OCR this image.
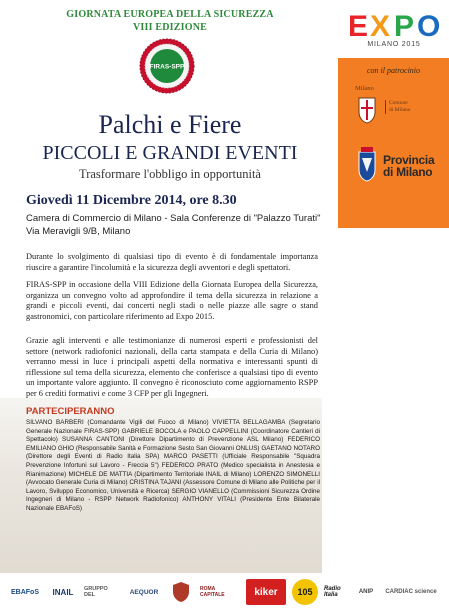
GIORNATA EUROPEA DELLA SICUREZZA
VIII EDIZIONE
FIRAS-SPP
Palchi e Fiere
PICCOLI E GRANDI EVENTI
Trasformare l'obbligo in opportunità
Giovedì 11 Dicembre 2014, ore 8.30
Camera di Commercio di Milano - Sala Conferenze di "Palazzo Turati"
Via Meravigli 9/B, Milano
Durante lo svolgimento di qualsiasi tipo di evento è di fondamentale importanza riuscire a garantire l'incolumità e la sicurezza degli avventori e degli spettatori.
FIRAS-SPP in occasione della VIII Edizione della Giornata Europea della Sicurezza, organizza un convegno volto ad approfondire il tema della sicurezza in relazione a grandi e piccoli eventi, dai concerti negli stadi o nelle piazze alle sagre o stand gastronomici, con particolare riferimento ad Expo 2015.
Grazie agli interventi e alle testimonianze di numerosi esperti e professionisti del settore (network radiofonici nazionali, della carta stampata e della Curia di Milano) verranno messi in luce i principali aspetti della normativa e interessanti spunti di riflessione sul tema della sicurezza, elemento che conferisce a qualsiasi tipo di evento un importante valore aggiunto. Il convegno è riconosciuto come aggiornamento RSPP per 6 crediti formativi e come 3 CFP per gli Ingegneri.
PARTECIPERANNO
SILVANO BARBERI (Comandante Vigili del Fuoco di Milano) VIVIETTA BELLAGAMBA (Segretario Generale Nazionale FIRAS-SPP) GABRIELE BOCOLA e PAOLO CAPPELLINI (Coordinatore Cantieri di Spettacolo) SUSANNA CANTONI (Direttore Dipartimento di Prevenzione ASL Milano) FEDERICO EMILIANO GHIO (Responsabile Sanità e Formazione Sesto San Giovanni ONLUS) GAETANO NOTARO (Direttore degli Eventi di Radio Italia SPA) MARCO PASETTI (Ufficiale Responsabile "Squadra Prevenzione Infortuni sul Lavoro - Freccia 5") FEDERICO PRATO (Medico specialista in Anestesia e Rianimazione) MICHELE DE MATTIA (Dipartimento Territoriale INAIL di Milano) LORENZO SIMONELLI (Avvocato Generale Curia di Milano) CRISTINA TAJANI (Assessore Comune di Milano alle Politiche per il Lavoro, Sviluppo Economico, Università e Ricerca) SERGIO VIANELLO (Commissioni Sicurezza Ordine Ingegneri di Milano - RSPP Network Radiofonico) ANTHONY VITALI (Presidente Ente Bilaterale Nazionale EBAFoS)
EBAFoS	INAIL	GRUPPO DEL	AEQUOR	ROMA CAPITALE	kiker	105	Radio Italia	ANIP	CARDIAC science
E X P O
MILANO 2015
con il patrocinio
Milano
Comune
di Milano
Provincia
di Milano
